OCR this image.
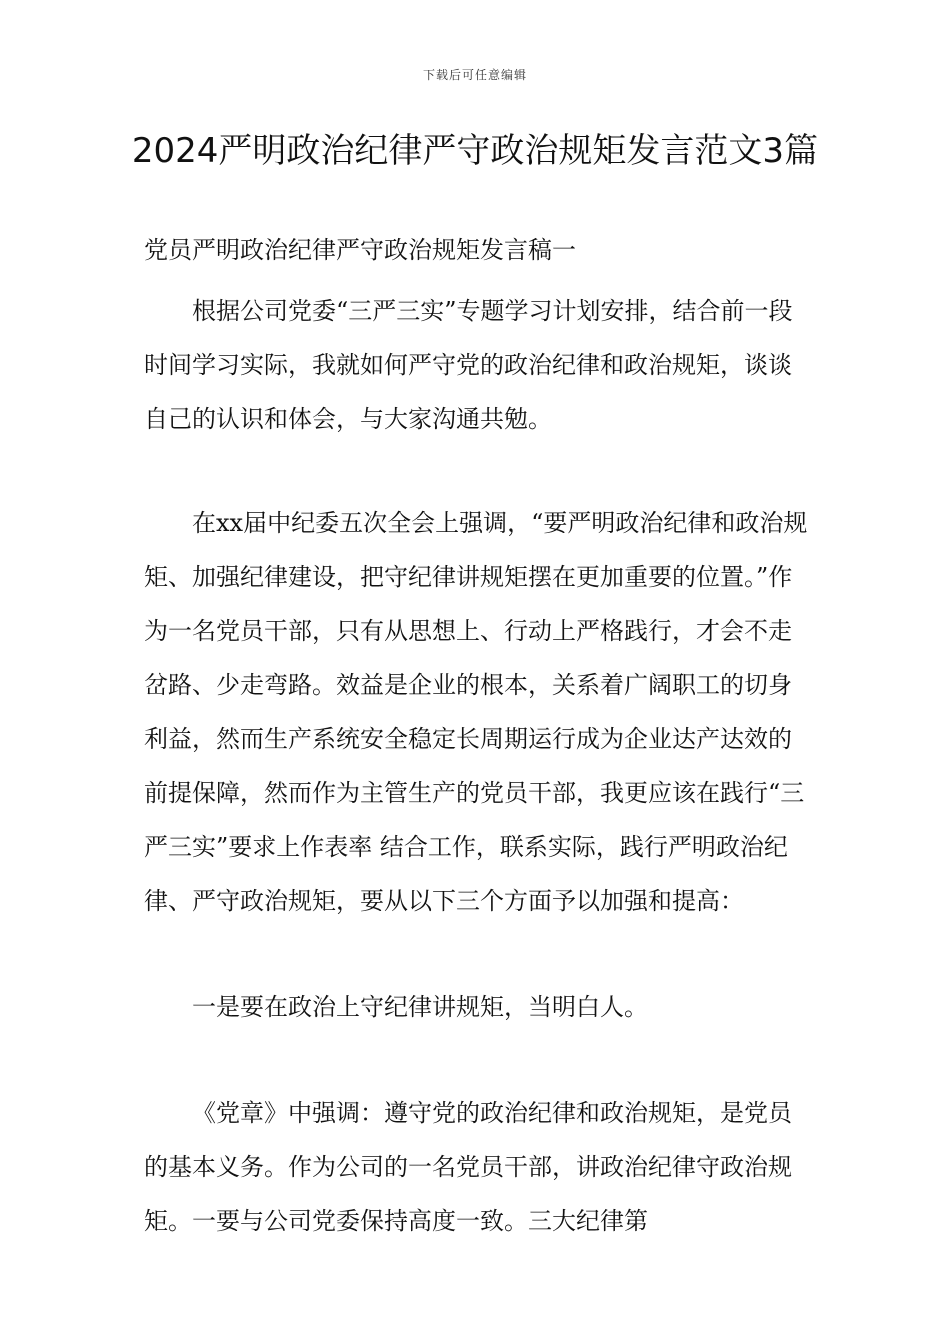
下载后可任意编辑
2024严明政治纪律严守政治规矩发言范文3篇

党员严明政治纪律严守政治规矩发言稿一

根据公司党委“三严三实”专题学习计划安排，结合前一段时间学习实际，我就如何严守党的政治纪律和政治规矩，谈谈自己的认识和体会，与大家沟通共勉。

在xx届中纪委五次全会上强调，“要严明政治纪律和政治规矩、加强纪律建设，把守纪律讲规矩摆在更加重要的位置。”作为一名党员干部，只有从思想上、行动上严格践行，才会不走岔路、少走弯路。效益是企业的根本，关系着广阔职工的切身利益，然而生产系统安全稳定长周期运行成为企业达产达效的前提保障，然而作为主管生产的党员干部，我更应该在践行“三严三实”要求上作表率 结合工作，联系实际，践行严明政治纪律、严守政治规矩，要从以下三个方面予以加强和提高：

一是要在政治上守纪律讲规矩，当明白人。

《党章》中强调：遵守党的政治纪律和政治规矩，是党员的基本义务。作为公司的一名党员干部，讲政治纪律守政治规矩。一要与公司党委保持高度一致。三大纪律第
